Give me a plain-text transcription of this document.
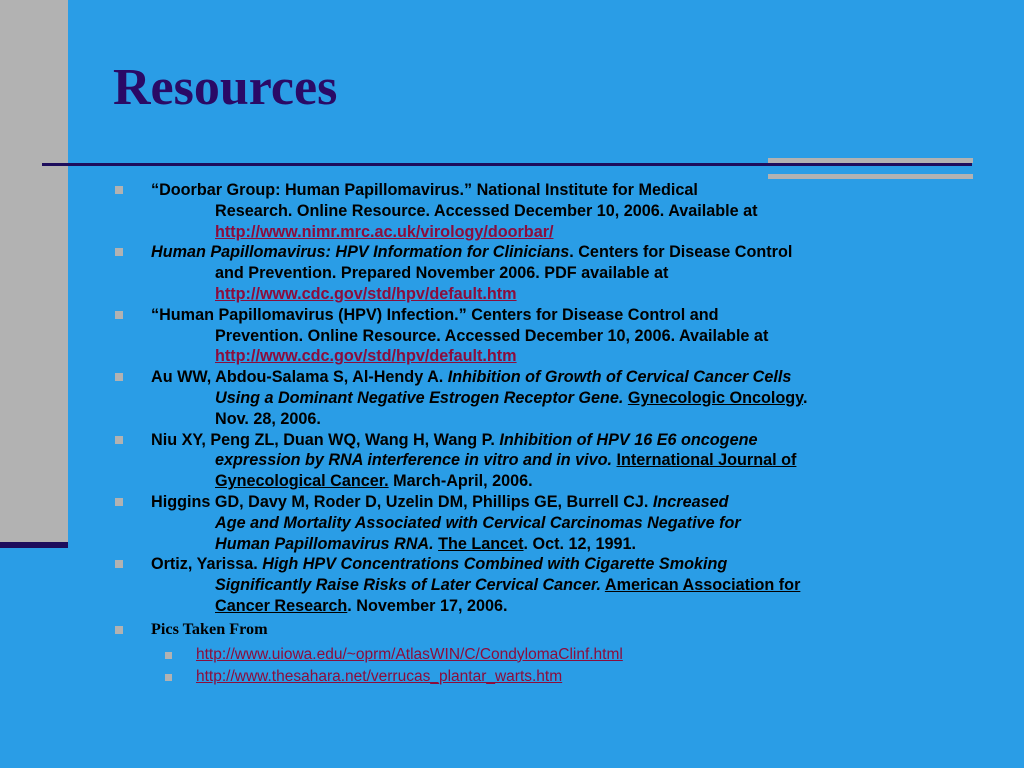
Resources
“Doorbar Group: Human Papillomavirus.” National Institute for Medical
Research. Online Resource. Accessed December 10, 2006. Available at
http://www.nimr.mrc.ac.uk/virology/doorbar/
Human Papillomavirus: HPV Information for Clinicians. Centers for Disease Control
and Prevention. Prepared November 2006. PDF available at
http://www.cdc.gov/std/hpv/default.htm
“Human Papillomavirus (HPV) Infection.” Centers for Disease Control and
Prevention. Online Resource. Accessed December 10, 2006. Available at
http://www.cdc.gov/std/hpv/default.htm
Au WW, Abdou-Salama S, Al-Hendy A. Inhibition of Growth of Cervical Cancer Cells
Using a Dominant Negative Estrogen Receptor Gene. Gynecologic Oncology.
Nov. 28, 2006.
Niu XY, Peng ZL, Duan WQ, Wang H, Wang P. Inhibition of HPV 16 E6 oncogene
expression by RNA interference in vitro and in vivo. International Journal of
Gynecological Cancer. March-April, 2006.
Higgins GD, Davy M, Roder D, Uzelin DM, Phillips GE, Burrell CJ. Increased
Age and Mortality Associated with Cervical Carcinomas Negative for
Human Papillomavirus RNA. The Lancet. Oct. 12, 1991.
Ortiz, Yarissa. High HPV Concentrations Combined with Cigarette Smoking
Significantly Raise Risks of Later Cervical Cancer. American Association for
Cancer Research. November 17, 2006.
Pics Taken From
http://www.uiowa.edu/~oprm/AtlasWIN/C/CondylomaClinf.html
http://www.thesahara.net/verrucas_plantar_warts.htm
